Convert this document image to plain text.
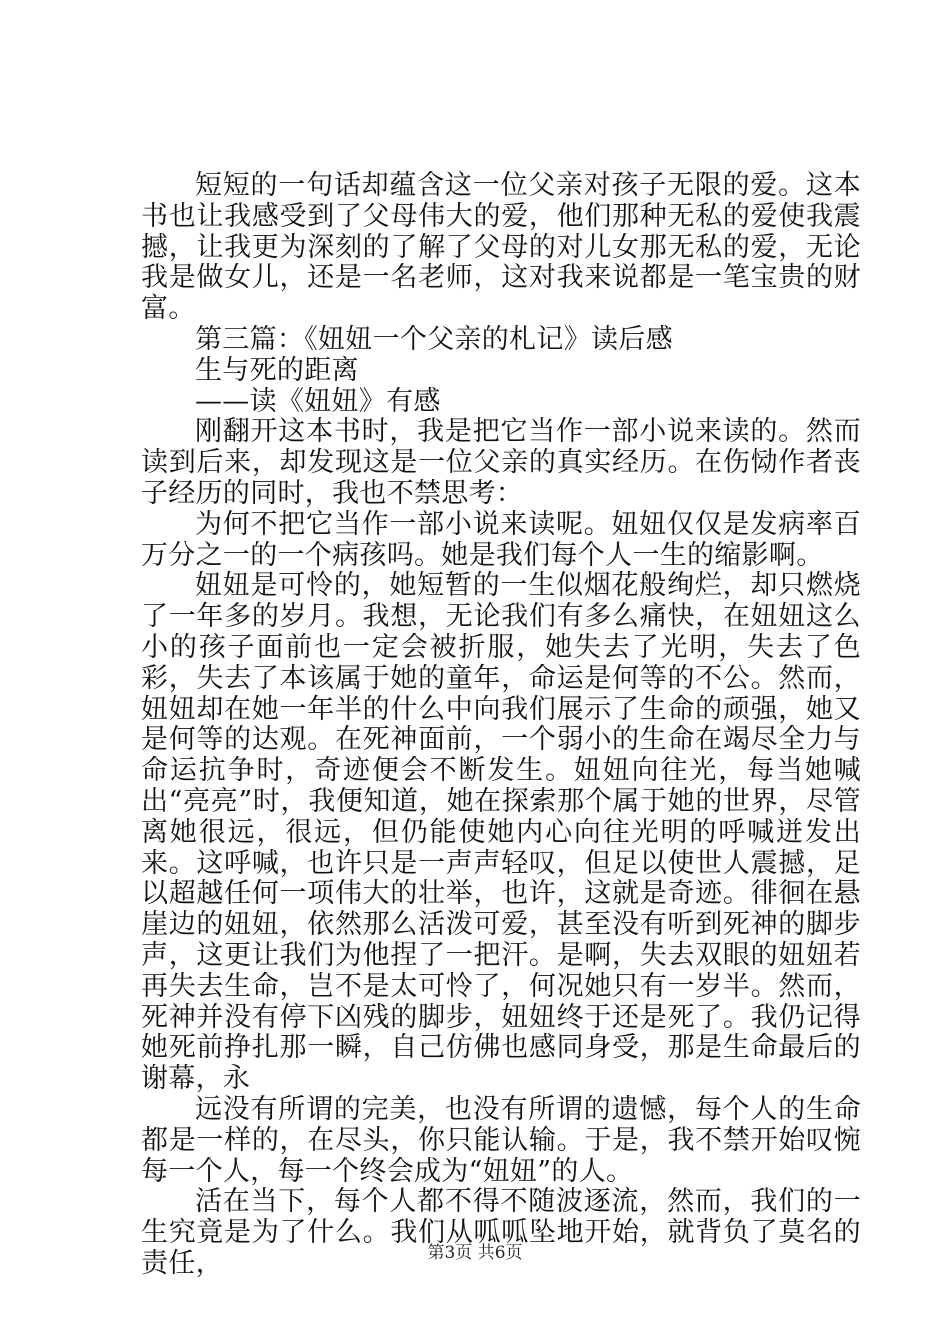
短短的一句话却蕴含这一位父亲对孩子无限的爱。这本书也让我感受到了父母伟大的爱，他们那种无私的爱使我震撼，让我更为深刻的了解了父母的对儿女那无私的爱，无论我是做女儿，还是一名老师，这对我来说都是一笔宝贵的财富。

第三篇：《妞妞一个父亲的札记》读后感

生与死的距离

——读《妞妞》有感

刚翻开这本书时，我是把它当作一部小说来读的。然而读到后来，却发现这是一位父亲的真实经历。在伤恸作者丧子经历的同时，我也不禁思考：

为何不把它当作一部小说来读呢。妞妞仅仅是发病率百万分之一的一个病孩吗。她是我们每个人一生的缩影啊。

妞妞是可怜的，她短暂的一生似烟花般绚烂，却只燃烧了一年多的岁月。我想，无论我们有多么痛快，在妞妞这么小的孩子面前也一定会被折服，她失去了光明，失去了色彩，失去了本该属于她的童年，命运是何等的不公。然而，妞妞却在她一年半的什么中向我们展示了生命的顽强，她又是何等的达观。在死神面前，一个弱小的生命在竭尽全力与命运抗争时，奇迹便会不断发生。妞妞向往光，每当她喊出“亮亮”时，我便知道，她在探索那个属于她的世界，尽管离她很远，很远，但仍能使她内心向往光明的呼喊迸发出来。这呼喊，也许只是一声声轻叹，但足以使世人震撼，足以超越任何一项伟大的壮举，也许，这就是奇迹。徘徊在悬崖边的妞妞，依然那么活泼可爱，甚至没有听到死神的脚步声，这更让我们为他捏了一把汗。是啊，失去双眼的妞妞若再失去生命，岂不是太可怜了，何况她只有一岁半。然而，死神并没有停下凶残的脚步，妞妞终于还是死了。我仍记得她死前挣扎那一瞬，自己仿佛也感同身受，那是生命最后的谢幕，永

远没有所谓的完美，也没有所谓的遗憾，每个人的生命都是一样的，在尽头，你只能认输。于是，我不禁开始叹惋每一个人，每一个终会成为“妞妞”的人。

活在当下，每个人都不得不随波逐流，然而，我们的一生究竟是为了什么。我们从呱呱坠地开始，就背负了莫名的责任，	第3页 共6页
